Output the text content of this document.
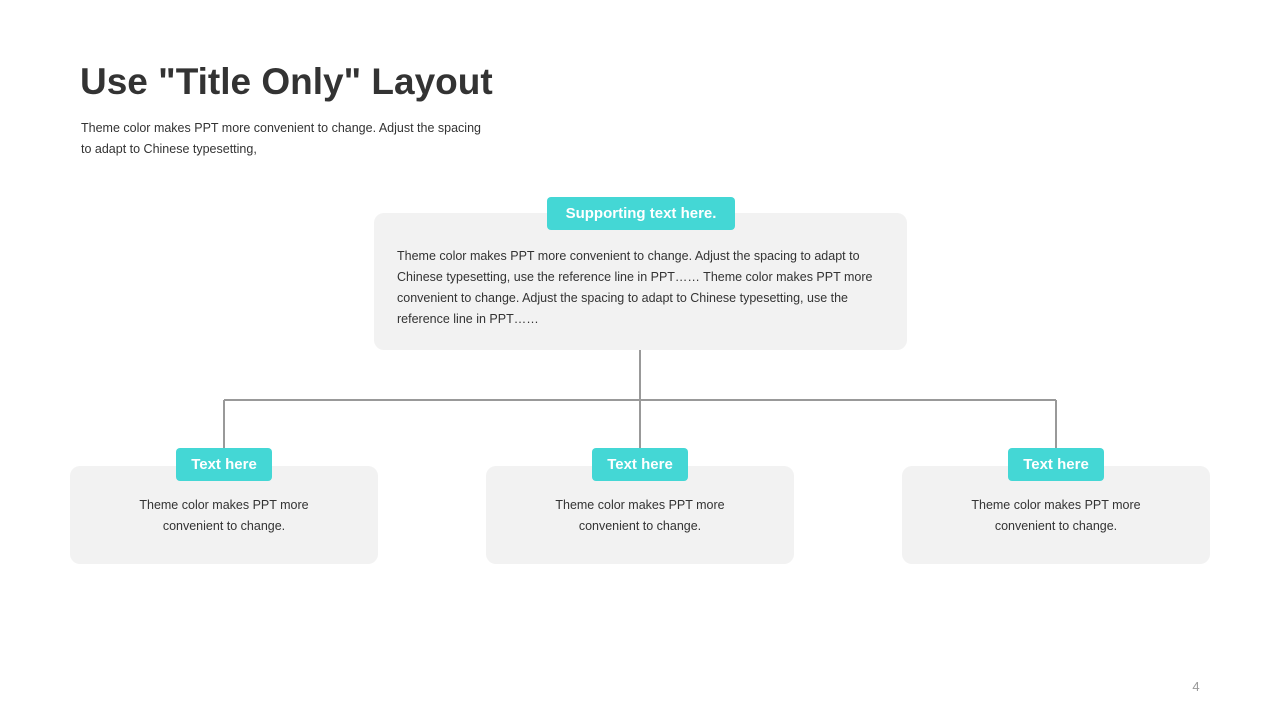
Use "Title Only" Layout
Theme color makes PPT more convenient to change. Adjust the spacing to adapt to Chinese typesetting,
Theme color makes PPT more convenient to change. Adjust the spacing to adapt to Chinese typesetting, use the reference line in PPT…… Theme color makes PPT more convenient to change. Adjust the spacing to adapt to Chinese typesetting, use the reference line in PPT……
Supporting text here.
Theme color makes PPT more convenient to change.
Text here
Theme color makes PPT more convenient to change.
Text here
Theme color makes PPT more convenient to change.
Text here
4
